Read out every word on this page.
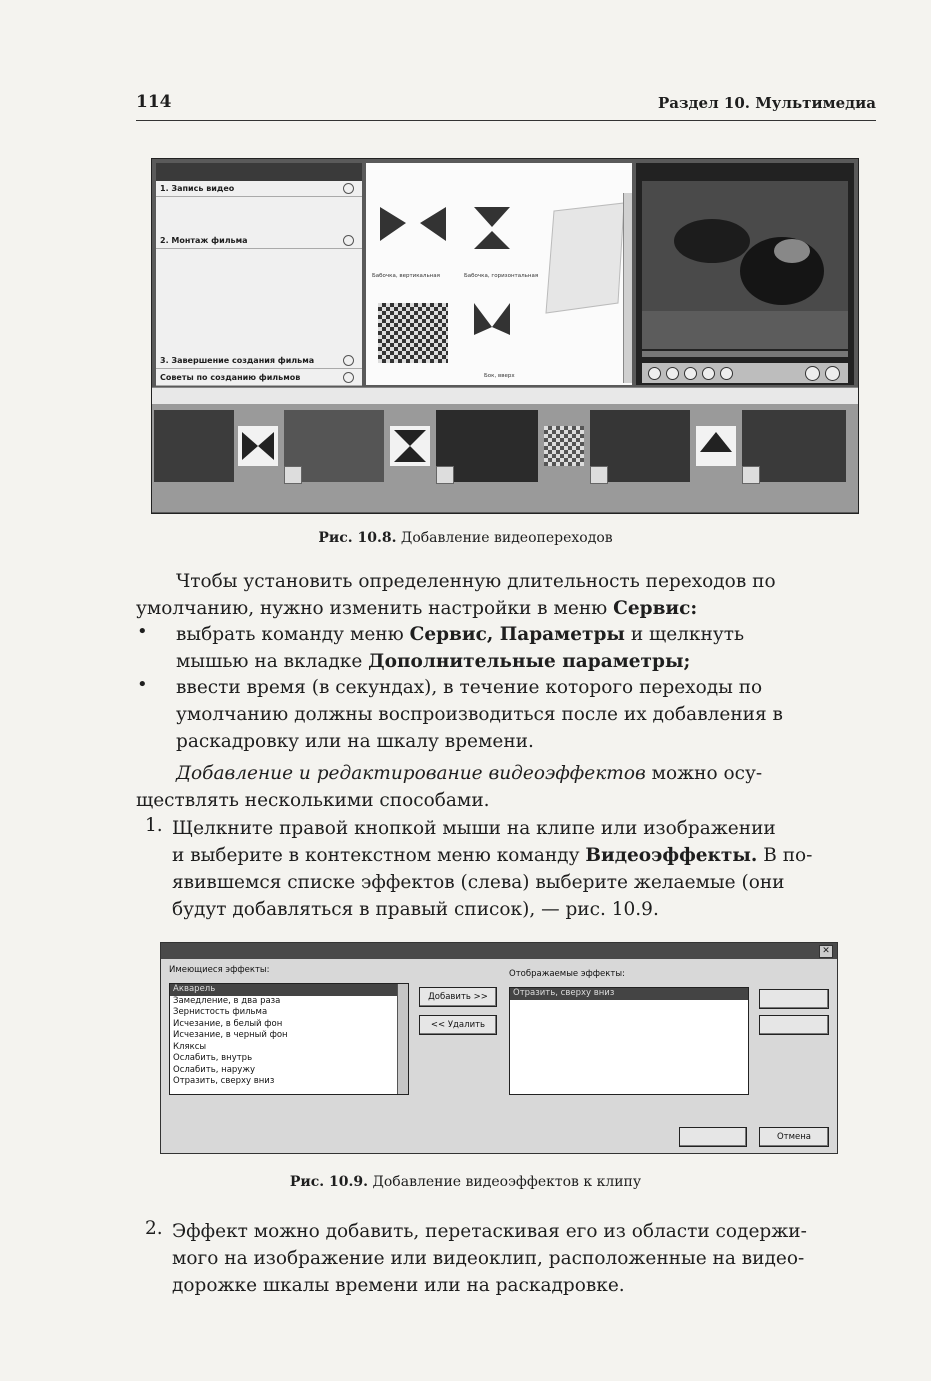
114	Раздел 10. Мультимедиа
1. Запись видео

2. Монтаж фильма

3. Завершение создания фильма
Советы по созданию фильмов

Бабочка, вертикальная	Бабочка, горизонтальная
Бок, вверх

Рис. 10.8. Добавление видеопереходов
Чтобы установить определенную длительность переходов по
умолчанию, нужно изменить настройки в меню Сервис:
• выбрать команду меню Сервис, Параметры и щелкнуть
мышью на вкладке Дополнительные параметры;
• ввести время (в секундах), в течение которого переходы по
умолчанию должны воспроизводиться после их добавления в
раскадровку или на шкалу времени.
Добавление и редактирование видеоэффектов можно осу-
ществлять несколькими способами.
1. Щелкните правой кнопкой мыши на клипе или изображении
и выберите в контекстном меню команду Видеоэффекты. В по-
явившемся списке эффектов (слева) выберите желаемые (они
будут добавляться в правый список), — рис. 10.9.
✕
Имеющиеся эффекты:
Акварель
Замедление, в два раза
Зернистость фильма
Исчезание, в белый фон
Исчезание, в черный фон
Кляксы
Ослабить, внутрь
Ослабить, наружу
Отразить, сверху вниз
Добавить >>
<< Удалить
Отображаемые эффекты:
Отразить, сверху вниз
Отмена
Рис. 10.9. Добавление видеоэффектов к клипу
2. Эффект можно добавить, перетаскивая его из области содержи-
мого на изображение или видеоклип, расположенные на видео-
дорожке шкалы времени или на раскадровке.
